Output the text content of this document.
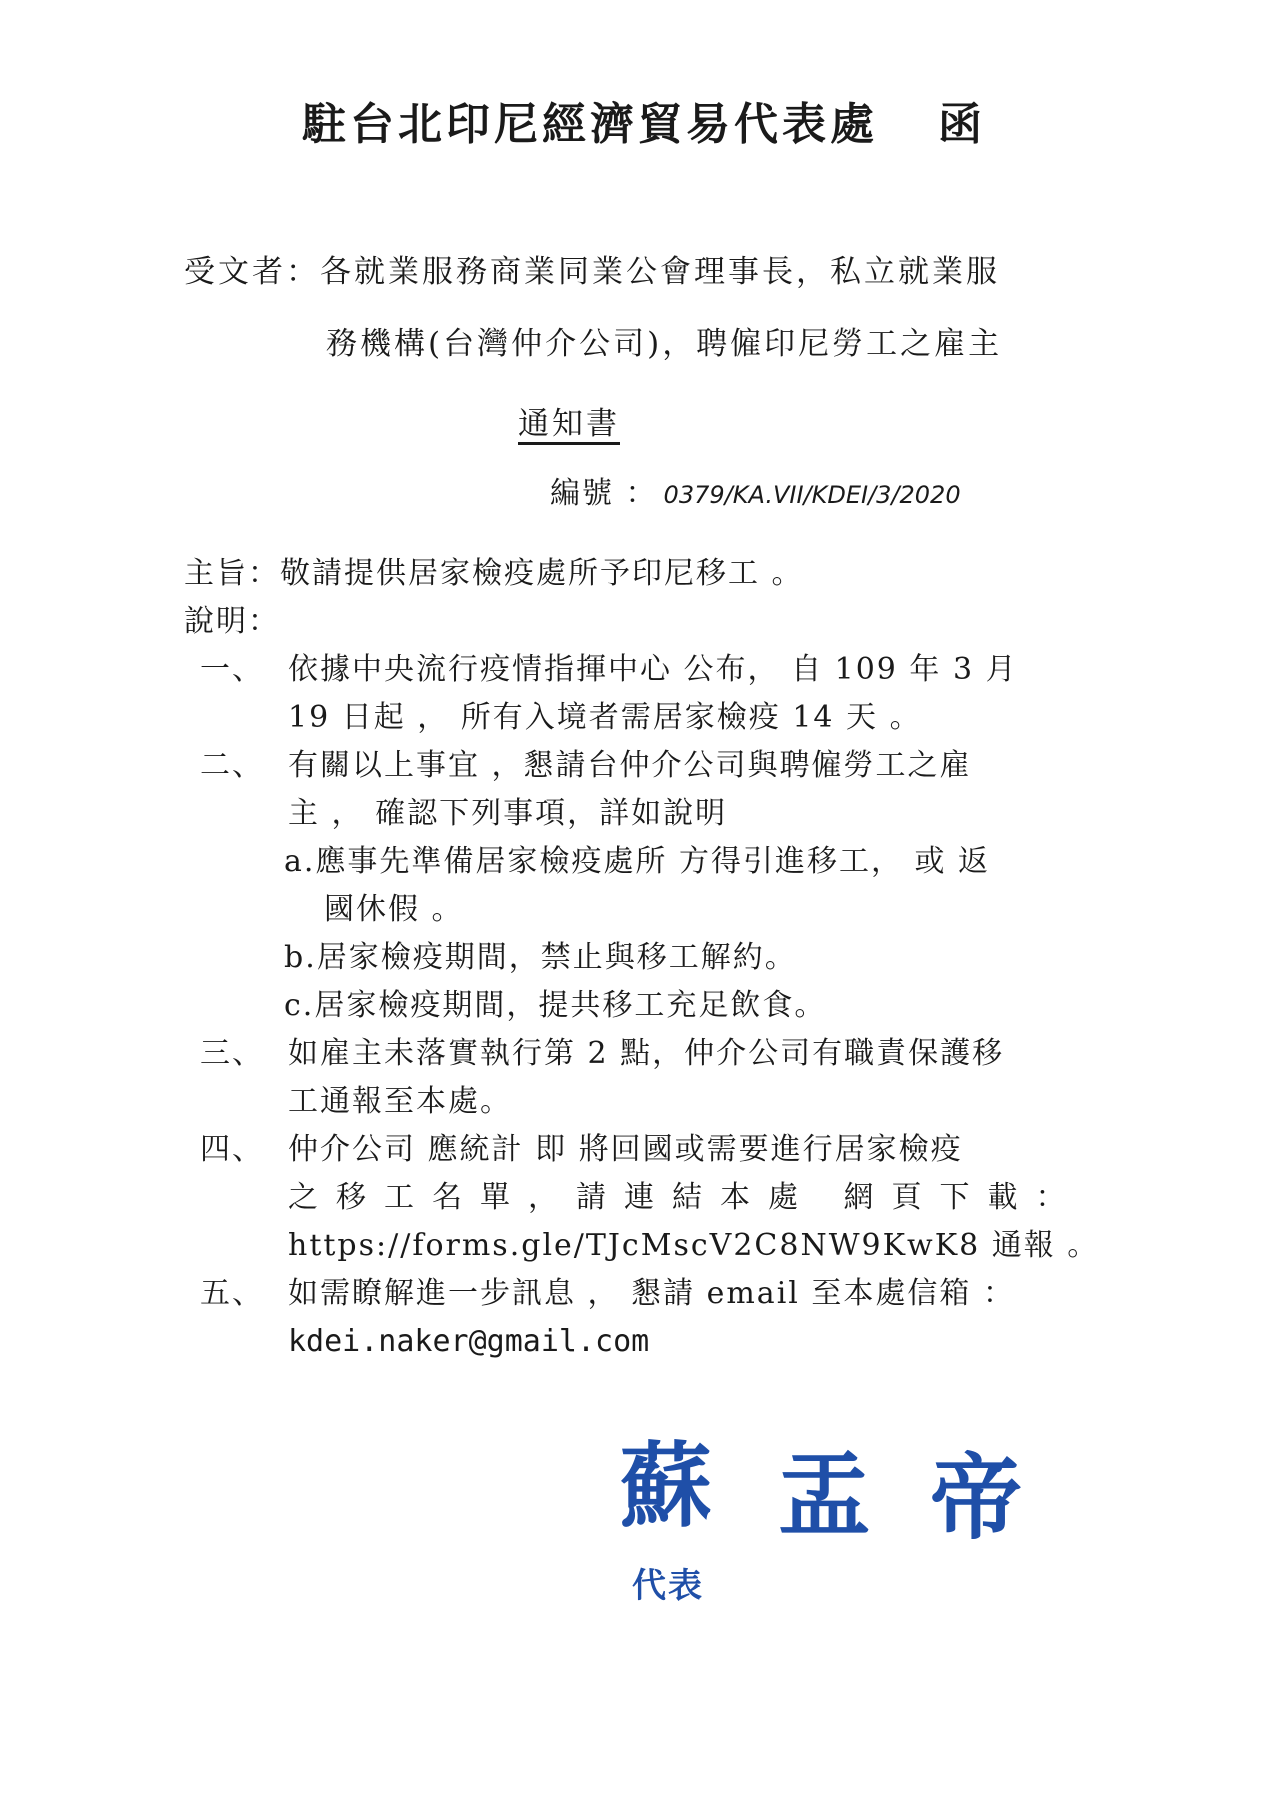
駐台北印尼經濟貿易代表處 函
受文者：各就業服務商業同業公會理事長，私立就業服
務機構(台灣仲介公司)，聘僱印尼勞工之雇主
通知書
編號 ： 0379/KA.VII/KDEI/3/2020
主旨：敬請提供居家檢疫處所予印尼移工 。
說明：
一、 依據中央流行疫情指揮中心 公布， 自 109 年 3 月
19 日起 ， 所有入境者需居家檢疫 14 天 。
二、 有關以上事宜 ，懇請台仲介公司與聘僱勞工之雇
主 ， 確認下列事項，詳如說明
a.應事先準備居家檢疫處所 方得引進移工， 或 返
國休假 。
b.居家檢疫期間，禁止與移工解約。
c.居家檢疫期間，提共移工充足飲食。
三、 如雇主未落實執行第 2 點，仲介公司有職責保護移
工通報至本處。
四、 仲介公司 應統計 即 將回國或需要進行居家檢疫
之移工名單，請連結本處 網頁下載：
https://forms.gle/TJcMscV2C8NW9KwK8 通報 。
五、 如需瞭解進一步訊息 ， 懇請 email 至本處信箱 ：
kdei.naker@gmail.com
蘇 盂 帝
代表
